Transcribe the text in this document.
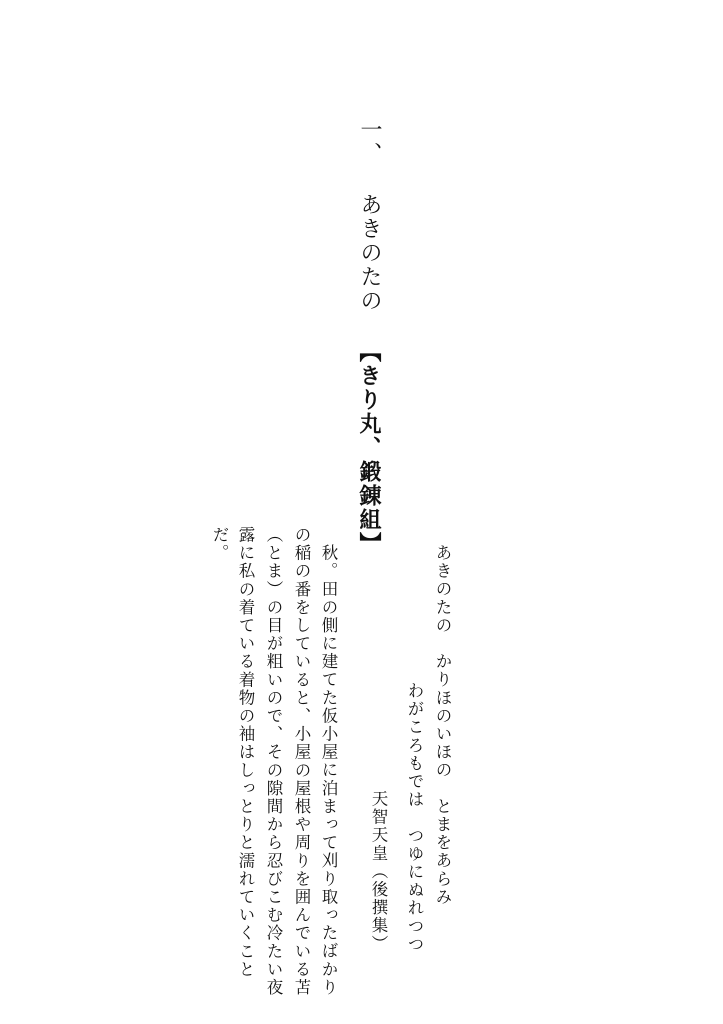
一、 あきのたの 【きり丸、鍛錬組】

あきのたの　かりほのいほの　とまをあらみ

わがころもでは　つゆにぬれつつ

天智天皇（後撰集）

秋。田の側に建てた仮小屋に泊まって刈り取ったばかり

の稲の番をしていると、小屋の屋根や周りを囲んでいる苫

（とま）の目が粗いので、その隙間から忍びこむ冷たい夜

露に私の着ている着物の袖はしっとりと濡れていくこと

だ。
